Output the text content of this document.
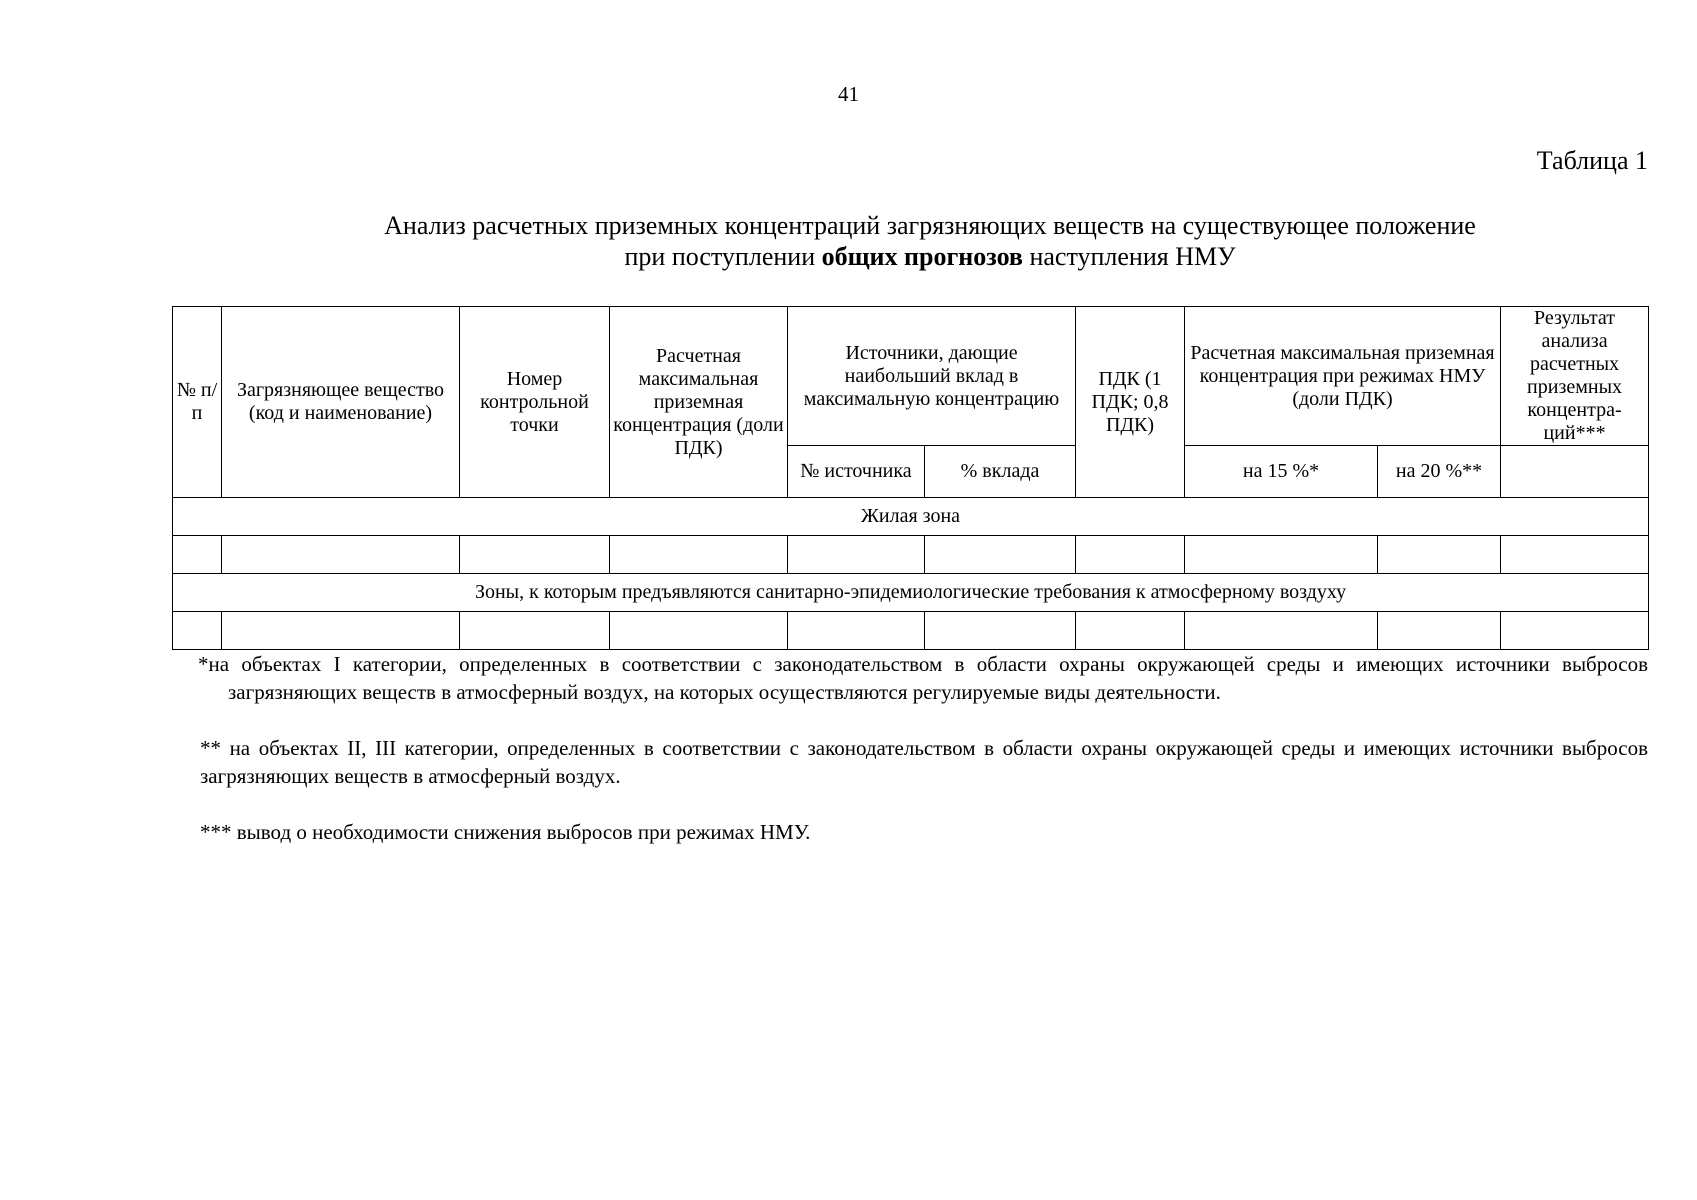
41
Таблица 1
Анализ расчетных приземных концентраций загрязняющих веществ на существующее положение
при поступлении общих прогнозов наступления НМУ
№ п/ п	Загрязняющее вещество (код и наименование)	Номер контрольной точки	Расчетная максимальная приземная концентрация (доли ПДК)	Источники, дающие наибольший вклад в максимальную концентрацию		ПДК (1 ПДК; 0,8 ПДК)	Расчетная максимальная приземная концентрация при режимах НМУ (доли ПДК)		Результат анализа расчетных приземных концентра-ций***
				№ источника	% вклада		на 15 %*	на 20 %**	
Жилая зона									

Зоны, к которым предъявляются санитарно-эпидемиологические требования к атмосферному воздуху									

*на объектах I категории, определенных в соответствии с законодательством в области охраны окружающей среды и имеющих источники выбросов загрязняющих веществ в атмосферный воздух, на которых осуществляются регулируемые виды деятельности.
** на объектах II, III категории, определенных в соответствии с законодательством в области охраны окружающей среды и имеющих источники выбросов загрязняющих веществ в атмосферный воздух.
*** вывод о необходимости снижения выбросов при режимах НМУ.
